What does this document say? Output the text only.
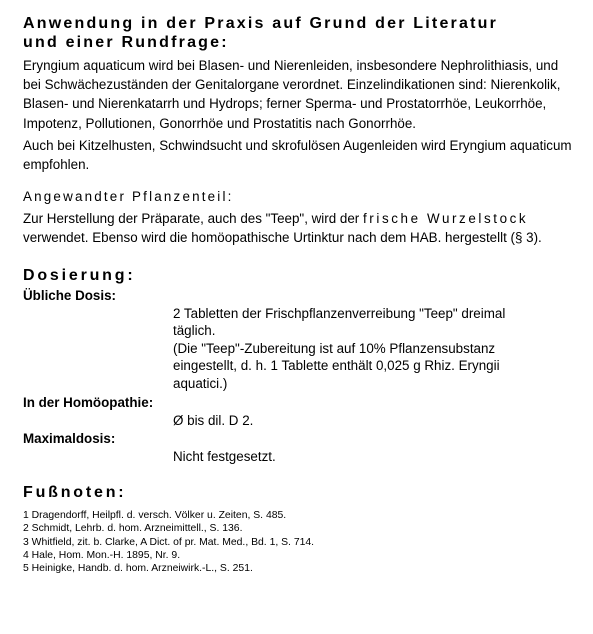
Anwendung in der Praxis auf Grund der Literatur
und einer Rundfrage:

Eryngium aquaticum wird bei Blasen- und Nierenleiden, insbesondere Nephrolithiasis, und bei Schwächezuständen der Genitalorgane verordnet. Einzelindikationen sind: Nierenkolik, Blasen- und Nierenkatarrh und Hydrops; ferner Sperma- und Prostatorrhöe, Leukorrhöe, Impotenz, Pollutionen, Gonorrhöe und Prostatitis nach Gonorrhöe.

Auch bei Kitzelhusten, Schwindsucht und skrofulösen Augenleiden wird Eryngium aquaticum empfohlen.

Angewandter Pflanzenteil:

Zur Herstellung der Präparate, auch des "Teep", wird der frische Wurzelstock verwendet. Ebenso wird die homöopathische Urtinktur nach dem HAB. hergestellt (§ 3).

Dosierung:
Übliche Dosis:
2 Tabletten der Frischpflanzenverreibung "Teep" dreimal täglich.
(Die "Teep"-Zubereitung ist auf 10% Pflanzensubstanz eingestellt, d. h. 1 Tablette enthält 0,025 g Rhiz. Eryngii aquatici.)
In der Homöopathie:
Ø bis dil. D 2.
Maximaldosis:
Nicht festgesetzt.
Fußnoten:
1 Dragendorff, Heilpfl. d. versch. Völker u. Zeiten, S. 485.
2 Schmidt, Lehrb. d. hom. Arzneimittell., S. 136.
3 Whitfield, zit. b. Clarke, A Dict. of pr. Mat. Med., Bd. 1, S. 714.
4 Hale, Hom. Mon.-H. 1895, Nr. 9.
5 Heinigke, Handb. d. hom. Arzneiwirk.-L., S. 251.
